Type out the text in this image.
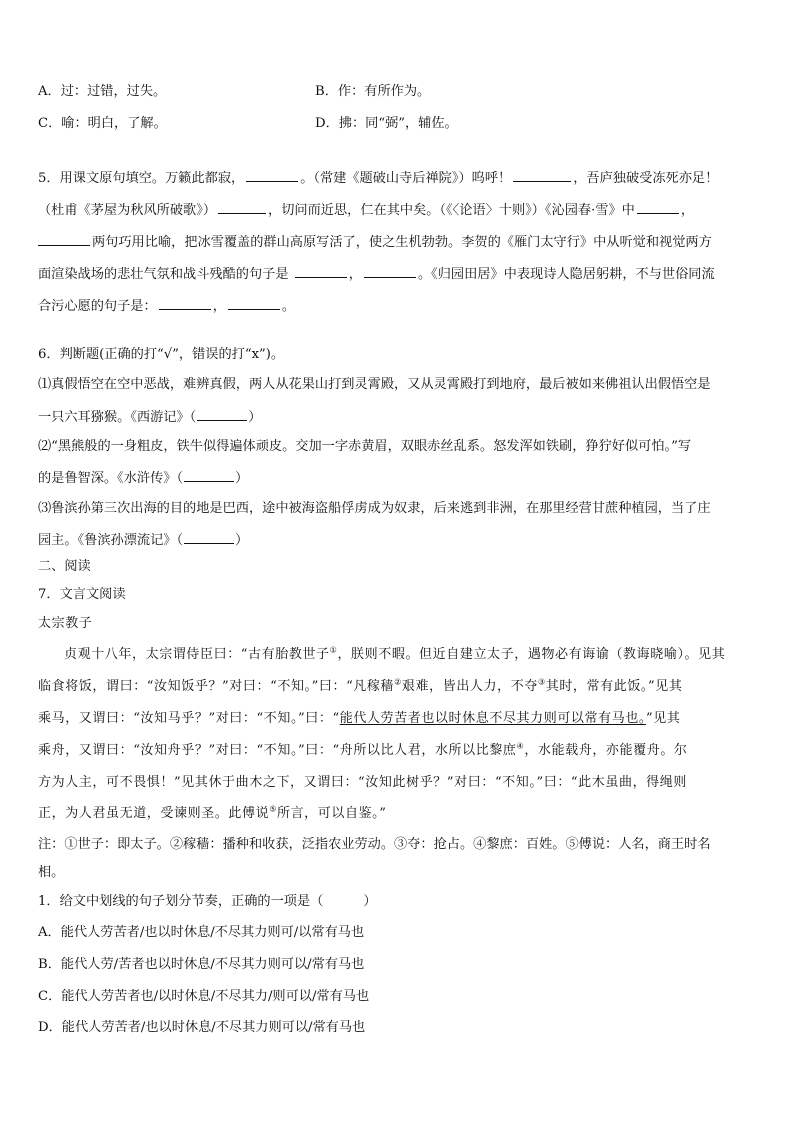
A．过：过错，过失。	B．作：有所作为。
C．喻：明白，了解。	D．拂：同“弼”，辅佐。
5．用课文原句填空。万籁此都寂，	。（常建《题破山寺后禅院》）呜呼！	，吾庐独破受冻死亦足！
（杜甫《茅屋为秋风所破歌》）	，切问而近思，仁在其中矣。（《〈论语〉十则》）《沁园春·雪》中	，
两句巧用比喻，把冰雪覆盖的群山高原写活了，使之生机勃勃。李贺的《雁门太守行》中从听觉和视觉两方
面渲染战场的悲壮气氛和战斗残酷的句子是	，	。《归园田居》中表现诗人隐居躬耕，不与世俗同流
合污心愿的句子是：	，	。
6．判断题(正确的打“√”，错误的打“x”)。
⑴真假悟空在空中恶战，难辨真假，两人从花果山打到灵霄殿，又从灵霄殿打到地府，最后被如来佛祖认出假悟空是
一只六耳猕猴。《西游记》（	）
⑵“黑熊般的一身粗皮，铁牛似得遍体顽皮。交加一字赤黄眉，双眼赤丝乱系。怒发浑如铁刷，狰狞好似可怕。”写
的是鲁智深。《水浒传》（	）
⑶鲁滨孙第三次出海的目的地是巴西，途中被海盗船俘虏成为奴隶，后来逃到非洲，在那里经营甘蔗种植园，当了庄
园主。《鲁滨孙漂流记》（	）
二、阅读
7．文言文阅读
太宗教子
贞观十八年，太宗谓侍臣曰：“古有胎教世子①，朕则不暇。但近自建立太子，遇物必有诲谕（教诲晓喻）。见其
临食将饭，谓曰：“汝知饭乎？”对曰：“不知。”曰：“凡稼穑②艰难，皆出人力，不夺③其时，常有此饭。”见其
乘马，又谓曰：“汝知马乎？”对曰：“不知。”曰：“能代人劳苦者也以时休息不尽其力则可以常有马也。”见其
乘舟，又谓曰：“汝知舟乎？”对曰：“不知。”曰：“舟所以比人君，水所以比黎庶④，水能载舟，亦能覆舟。尔
方为人主，可不畏惧！”见其休于曲木之下，又谓曰：“汝知此树乎？”对曰：“不知。”曰：“此木虽曲，得绳则
正，为人君虽无道，受谏则圣。此傅说⑤所言，可以自鉴。”
注：①世子：即太子。②稼穑：播种和收获，泛指农业劳动。③夺：抢占。④黎庶：百姓。⑤傅说：人名，商王时名
相。
1．给文中划线的句子划分节奏，正确的一项是（	）
A．能代人劳苦者/也以时休息/不尽其力则可/以常有马也
B．能代人劳/苦者也以时休息/不尽其力则可以/常有马也
C．能代人劳苦者也/以时休息/不尽其力/则可以/常有马也
D．能代人劳苦者/也以时休息/不尽其力则可以/常有马也
